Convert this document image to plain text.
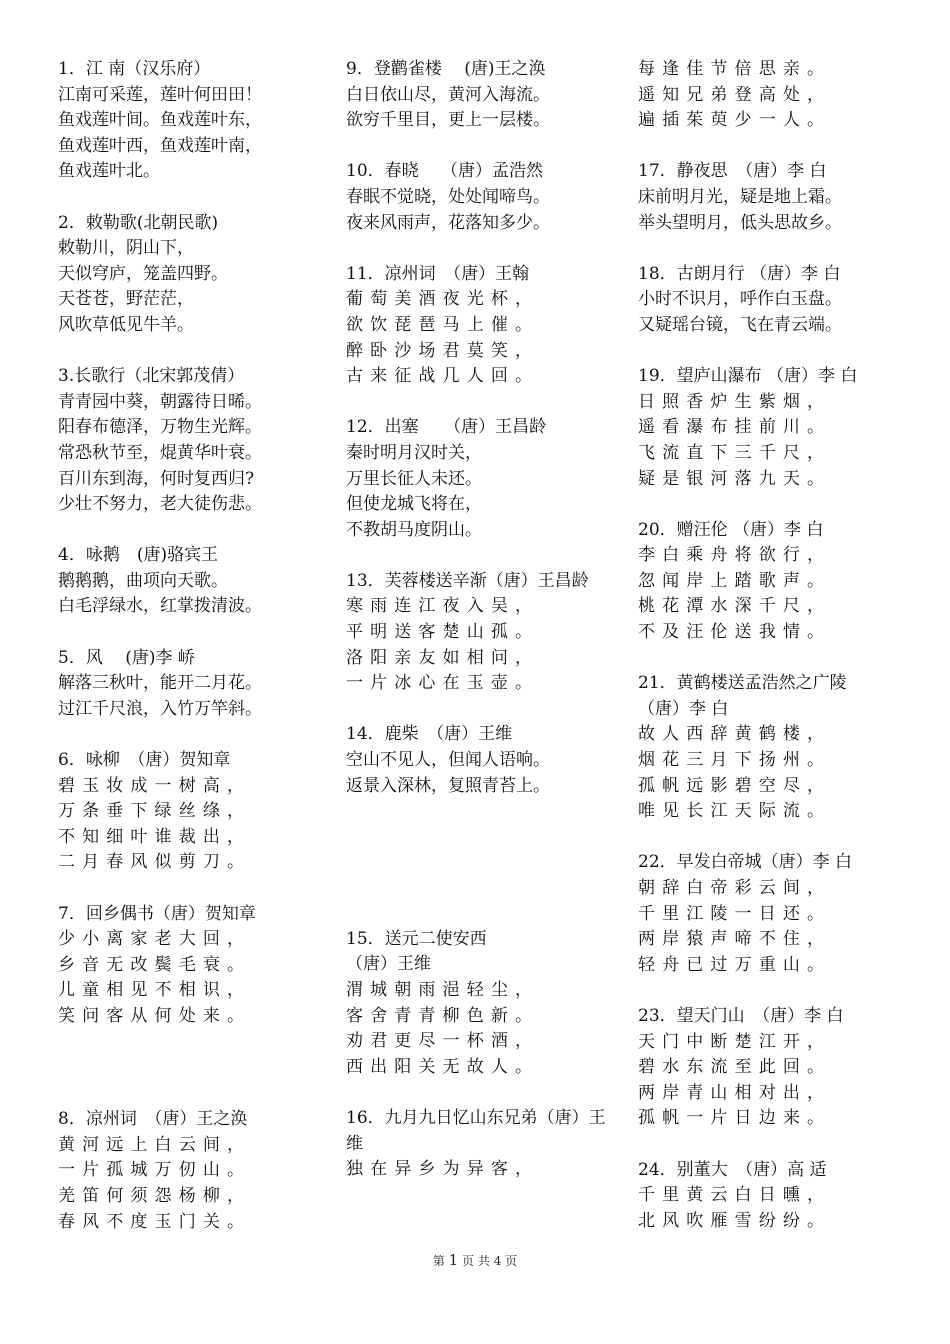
1．江 南（汉乐府）
江南可采莲，莲叶何田田！
鱼戏莲叶间。鱼戏莲叶东，
鱼戏莲叶西，鱼戏莲叶南，
鱼戏莲叶北。
2．敕勒歌(北朝民歌)
敕勒川，阴山下，
天似穹庐，笼盖四野。
天苍苍，野茫茫，
风吹草低见牛羊。
3.长歌行（北宋郭茂倩）
青青园中葵，朝露待日晞。
阳春布德泽，万物生光辉。
常恐秋节至，焜黄华叶衰。
百川东到海，何时复西归?
少壮不努力，老大徒伤悲。
4．咏鹅　(唐)骆宾王
鹅鹅鹅，曲项向天歌。
白毛浮绿水，红掌拨清波。
5．风　 (唐)李 峤
解落三秋叶，能开二月花。
过江千尺浪，入竹万竿斜。
6．咏柳　（唐）贺知章
碧玉妆成一树高，
万条垂下绿丝绦，
不知细叶谁裁出，
二月春风似剪刀。
7．回乡偶书（唐）贺知章
少小离家老大回，
乡音无改鬓毛衰。
儿童相见不相识，
笑问客从何处来。
8．凉州词　（唐）王之涣
黄河远上白云间，
一片孤城万仞山。
羌笛何须怨杨柳，
春风不度玉门关。
9．登鹳雀楼　 (唐)王之涣
白日依山尽，黄河入海流。
欲穷千里目，更上一层楼。
10．春晓　 （唐）孟浩然
春眠不觉晓，处处闻啼鸟。
夜来风雨声，花落知多少。
11．凉州词　（唐）王翰
葡萄美酒夜光杯，
欲饮琵琶马上催。
醉卧沙场君莫笑，
古来征战几人回。
12．出塞　　（唐）王昌龄
秦时明月汉时关，
万里长征人未还。
但使龙城飞将在，
不教胡马度阴山。
13．芙蓉楼送辛渐（唐）王昌龄
寒雨连江夜入吴，
平明送客楚山孤。
洛阳亲友如相问，
一片冰心在玉壶。
14．鹿柴　（唐）王维
空山不见人，但闻人语响。
返景入深林，复照青苔上。
15．送元二使安西
（唐）王维
渭城朝雨浥轻尘，
客舍青青柳色新。
劝君更尽一杯酒，
西出阳关无故人。
16．九月九日忆山东兄弟（唐）王维
独在异乡为异客，
每逢佳节倍思亲。
遥知兄弟登高处，
遍插茱萸少一人。
17．静夜思　（唐）李 白
床前明月光，疑是地上霜。
举头望明月，低头思故乡。
18．古朗月行 （唐）李 白
小时不识月，呼作白玉盘。
又疑瑶台镜，飞在青云端。
19．望庐山瀑布 （唐）李 白
日照香炉生紫烟，
遥看瀑布挂前川。
飞流直下三千尺，
疑是银河落九天。
20．赠汪伦 （唐）李 白
李白乘舟将欲行，
忽闻岸上踏歌声。
桃花潭水深千尺，
不及汪伦送我情。
21．黄鹤楼送孟浩然之广陵
（唐）李 白
故人西辞黄鹤楼，
烟花三月下扬州。
孤帆远影碧空尽，
唯见长江天际流。
22．早发白帝城（唐）李 白
朝辞白帝彩云间，
千里江陵一日还。
两岸猿声啼不住，
轻舟已过万重山。
23．望天门山　（唐）李 白
天门中断楚江开，
碧水东流至此回。
两岸青山相对出，
孤帆一片日边来。
24．别董大　（唐）高 适
千里黄云白日曛，
北风吹雁雪纷纷。
第 1 页 共 4 页
